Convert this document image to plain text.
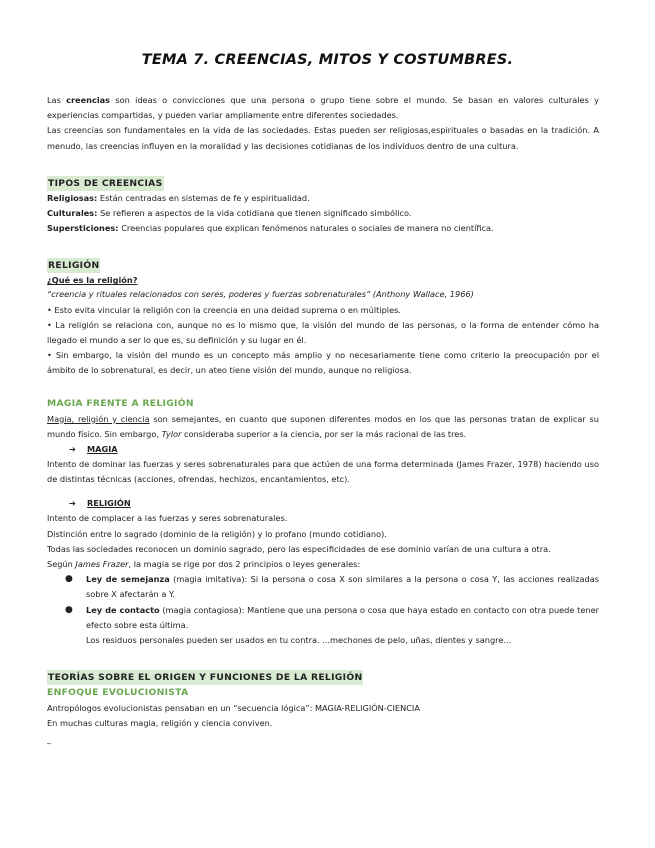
TEMA 7. CREENCIAS, MITOS Y COSTUMBRES.

Las creencias son ideas o convicciones que una persona o grupo tiene sobre el mundo. Se basan en valores culturales y experiencias compartidas, y pueden variar ampliamente entre diferentes sociedades.

Las creencias son fundamentales en la vida de las sociedades. Estas pueden ser religiosas,espirituales o basadas en la tradición. A menudo, las creencias influyen en la moralidad y las decisiones cotidianas de los individuos dentro de una cultura.

TIPOS DE CREENCIAS

Religiosas: Están centradas en sistemas de fe y espiritualidad.

Culturales: Se refieren a aspectos de la vida cotidiana que tienen significado simbólico.

Supersticiones: Creencias populares que explican fenómenos naturales o sociales de manera no científica.

RELIGIÓN
¿Qué es la religión?

“creencia y rituales relacionados con seres, poderes y fuerzas sobrenaturales” (Anthony Wallace, 1966)

• Esto evita vincular la religión con la creencia en una deidad suprema o en múltiples.

• La religión se relaciona con, aunque no es lo mismo que, la visión del mundo de las personas, o la forma de entender cómo ha llegado el mundo a ser lo que es, su definición y su lugar en él.

• Sin embargo, la visión del mundo es un concepto más amplio y no necesariamente tiene como criterio la preocupación por el ámbito de lo sobrenatural, es decir, un ateo tiene visión del mundo, aunque no religiosa.

MAGIA FRENTE A RELIGIÓN

Magia, religión y ciencia son semejantes, en cuanto que suponen diferentes modos en los que las personas tratan de explicar su mundo físico. Sin embargo, Tylor consideraba superior a la ciencia, por ser la más racional de las tres.

➔ MAGIA

Intento de dominar las fuerzas y seres sobrenaturales para que actúen de una forma determinada (James Frazer, 1978) haciendo uso de distintas técnicas (acciones, ofrendas, hechizos, encantamientos, etc).

➔ RELIGIÓN

Intento de complacer a las fuerzas y seres sobrenaturales.

Distinción entre lo sagrado (dominio de la religión) y lo profano (mundo cotidiano).

Todas las sociedades reconocen un dominio sagrado, pero las especificidades de ese dominio varían de una cultura a otra.

Según James Frazer, la magia se rige por dos 2 principios o leyes generales:

● Ley de semejanza (magia imitativa): Si la persona o cosa X son similares a la persona o cosa Y, las acciones realizadas sobre X afectarán a Y.
● Ley de contacto (magia contagiosa): Mantiene que una persona o cosa que haya estado en contacto con otra puede tener efecto sobre esta última.
Los residuos personales pueden ser usados en tu contra. ...mechones de pelo, uñas, dientes y sangre...
TEORÍAS SOBRE EL ORIGEN Y FUNCIONES DE LA RELIGIÓN
ENFOQUE EVOLUCIONISTA

Antropólogos evolucionistas pensaban en un “secuencia lógica”: MAGIA-RELIGIÓN-CIENCIA

En muchas culturas magia, religión y ciencia conviven.

_
